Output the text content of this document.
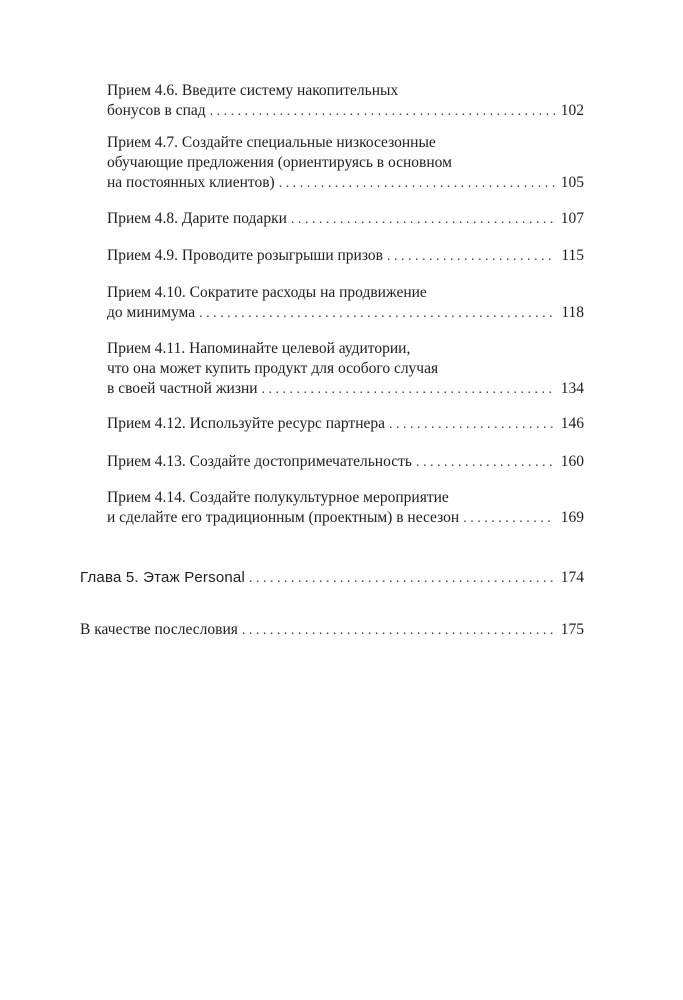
Прием 4.6. Введите систему накопительных
бонусов в спад . . .	102
Прием 4.7. Создайте специальные низкосезонные
обучающие предложения (ориентируясь в основном
на постоянных клиентов) . . .	105
Прием 4.8. Дарите подарки . . .	107
Прием 4.9. Проводите розыгрыши призов . . .	115
Прием 4.10. Сократите расходы на продвижение
до минимума . . .	118
Прием 4.11. Напоминайте целевой аудитории,
что она может купить продукт для особого случая
в своей частной жизни . . .	134
Прием 4.12. Используйте ресурс партнера . . .	146
Прием 4.13. Создайте достопримечательность . . .	160
Прием 4.14. Создайте полукультурное мероприятие
и сделайте его традиционным (проектным) в несезон . . .	169
Глава 5. Этаж Personal . . .	174
В качестве послесловия . . .	175
